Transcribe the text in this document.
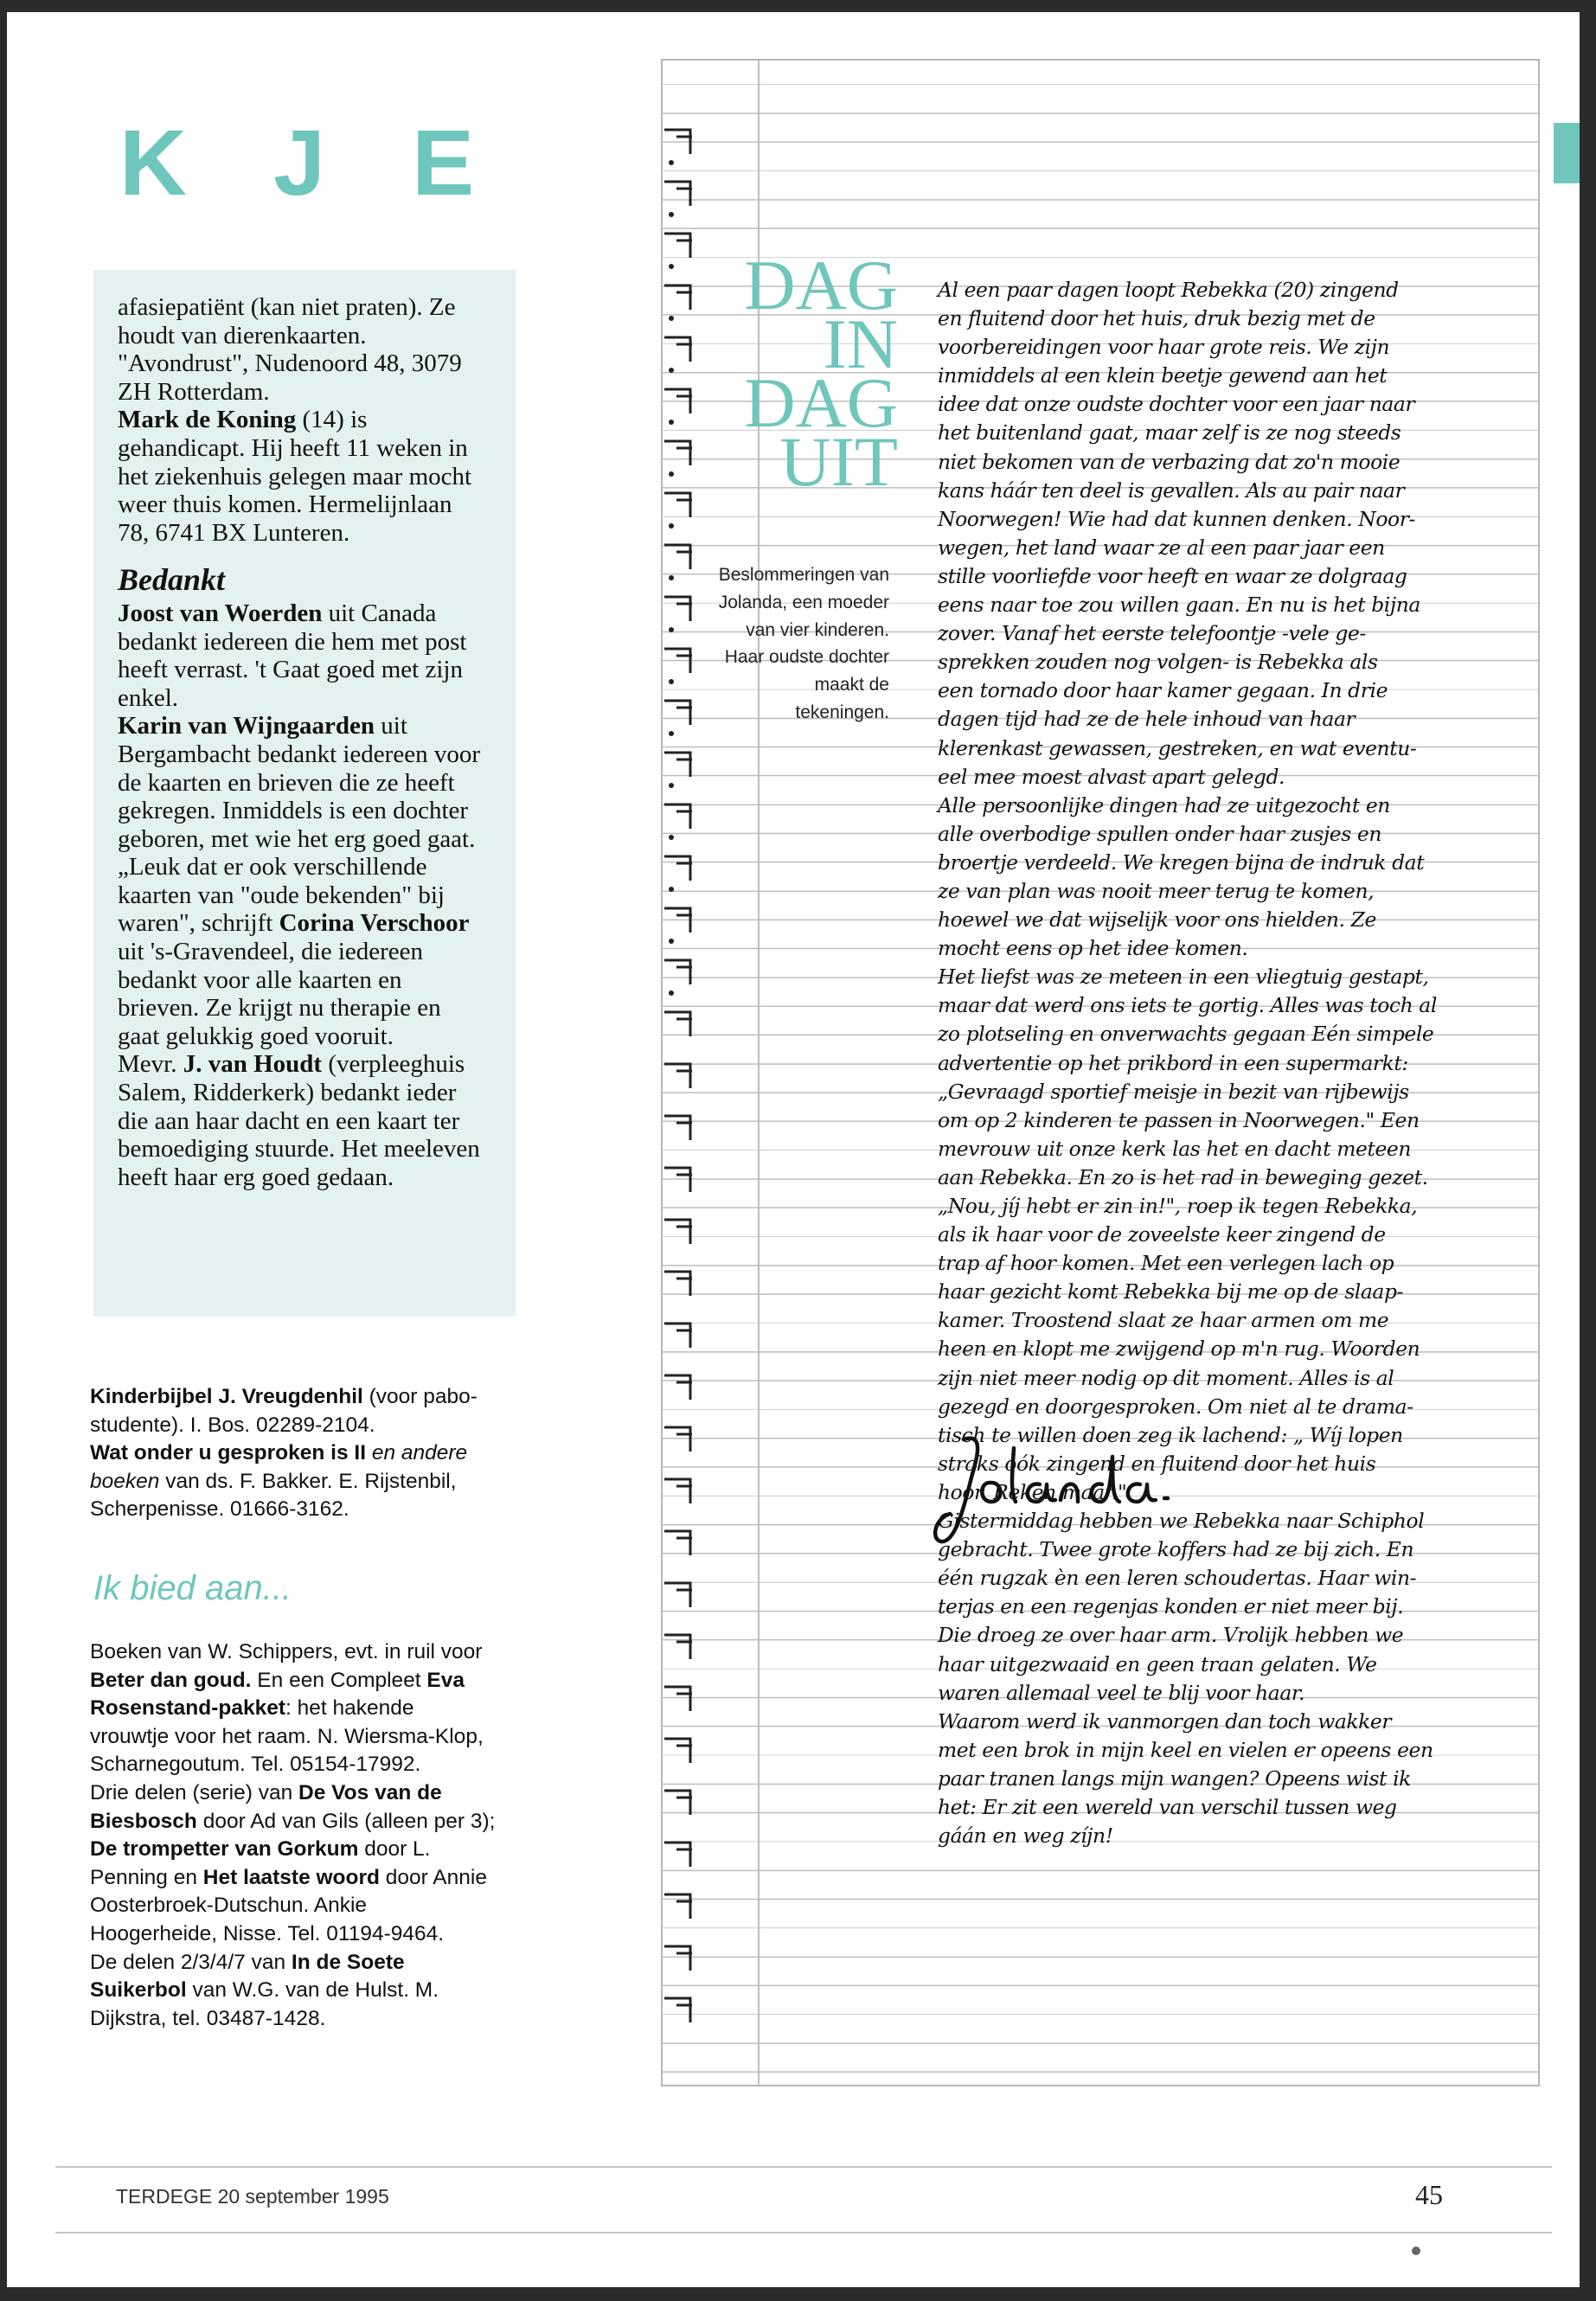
K J E

afasiepatiënt (kan niet praten). Ze houdt van dierenkaarten. "Avondrust", Nudenoord 48, 3079 ZH Rotterdam.

Mark de Koning (14) is gehandicapt. Hij heeft 11 weken in het ziekenhuis gelegen maar mocht weer thuis komen. Hermelijnlaan 78, 6741 BX Lunteren.

Bedankt

Joost van Woerden uit Canada bedankt iedereen die hem met post heeft verrast. 't Gaat goed met zijn enkel.

Karin van Wijngaarden uit Bergambacht bedankt iedereen voor de kaarten en brieven die ze heeft gekregen. Inmiddels is een dochter geboren, met wie het erg goed gaat.

„Leuk dat er ook verschillende kaarten van "oude bekenden" bij waren", schrijft Corina Verschoor uit 's-Gravendeel, die iedereen bedankt voor alle kaarten en brieven. Ze krijgt nu therapie en gaat gelukkig goed vooruit.

Mevr. J. van Houdt (verpleeghuis Salem, Ridderkerk) bedankt ieder die aan haar dacht en een kaart ter bemoediging stuurde. Het meeleven heeft haar erg goed gedaan.

Kinderbijbel J. Vreugdenhil (voor pabo-studente). I. Bos. 02289-2104.

Wat onder u gesproken is II en andere boeken van ds. F. Bakker. E. Rijstenbil, Scherpenisse. 01666-3162.

Ik bied aan...

Boeken van W. Schippers, evt. in ruil voor Beter dan goud. En een Compleet Eva Rosenstand-pakket: het hakende vrouwtje voor het raam. N. Wiersma-Klop, Scharnegoutum. Tel. 05154-17992.

Drie delen (serie) van De Vos van de Biesbosch door Ad van Gils (alleen per 3); De trompetter van Gorkum door L. Penning en Het laatste woord door Annie Oosterbroek-Dutschun. Ankie Hoogerheide, Nisse. Tel. 01194-9464.

De delen 2/3/4/7 van In de Soete Suikerbol van W.G. van de Hulst. M. Dijkstra, tel. 03487-1428.

DAG
IN
DAG
UIT
Beslommeringen van Jolanda, een moeder van vier kinderen. Haar oudste dochter maakt de tekeningen.
Al een paar dagen loopt Rebekka (20) zingend
en fluitend door het huis, druk bezig met de
voorbereidingen voor haar grote reis. We zijn
inmiddels al een klein beetje gewend aan het
idee dat onze oudste dochter voor een jaar naar
het buitenland gaat, maar zelf is ze nog steeds
niet bekomen van de verbazing dat zo'n mooie
kans háár ten deel is gevallen. Als au pair naar
Noorwegen! Wie had dat kunnen denken. Noor-
wegen, het land waar ze al een paar jaar een
stille voorliefde voor heeft en waar ze dolgraag
eens naar toe zou willen gaan. En nu is het bijna
zover. Vanaf het eerste telefoontje -vele ge-
sprekken zouden nog volgen- is Rebekka als
een tornado door haar kamer gegaan. In drie
dagen tijd had ze de hele inhoud van haar
klerenkast gewassen, gestreken, en wat eventu-
eel mee moest alvast apart gelegd.
Alle persoonlijke dingen had ze uitgezocht en
alle overbodige spullen onder haar zusjes en
broertje verdeeld. We kregen bijna de indruk dat
ze van plan was nooit meer terug te komen,
hoewel we dat wijselijk voor ons hielden. Ze
mocht eens op het idee komen.
Het liefst was ze meteen in een vliegtuig gestapt,
maar dat werd ons iets te gortig. Alles was toch al
zo plotseling en onverwachts gegaan Eén simpele
advertentie op het prikbord in een supermarkt:
„Gevraagd sportief meisje in bezit van rijbewijs
om op 2 kinderen te passen in Noorwegen." Een
mevrouw uit onze kerk las het en dacht meteen
aan Rebekka. En zo is het rad in beweging gezet.
„Nou, jíj hebt er zin in!", roep ik tegen Rebekka,
als ik haar voor de zoveelste keer zingend de
trap af hoor komen. Met een verlegen lach op
haar gezicht komt Rebekka bij me op de slaap-
kamer. Troostend slaat ze haar armen om me
heen en klopt me zwijgend op m'n rug. Woorden
zijn niet meer nodig op dit moment. Alles is al
gezegd en doorgesproken. Om niet al te drama-
tisch te willen doen zeg ik lachend: „ Wíj lopen
straks óók zingend en fluitend door het huis
hoor. Reken maar."
Gistermiddag hebben we Rebekka naar Schiphol
gebracht. Twee grote koffers had ze bij zich. En
één rugzak èn een leren schoudertas. Haar win-
terjas en een regenjas konden er niet meer bij.
Die droeg ze over haar arm. Vrolijk hebben we
haar uitgezwaaid en geen traan gelaten. We
waren allemaal veel te blij voor haar.
Waarom werd ik vanmorgen dan toch wakker
met een brok in mijn keel en vielen er opeens een
paar tranen langs mijn wangen? Opeens wist ik
het: Er zit een wereld van verschil tussen weg
gáán en weg zíjn!
TERDEGE 20 september 1995	45
